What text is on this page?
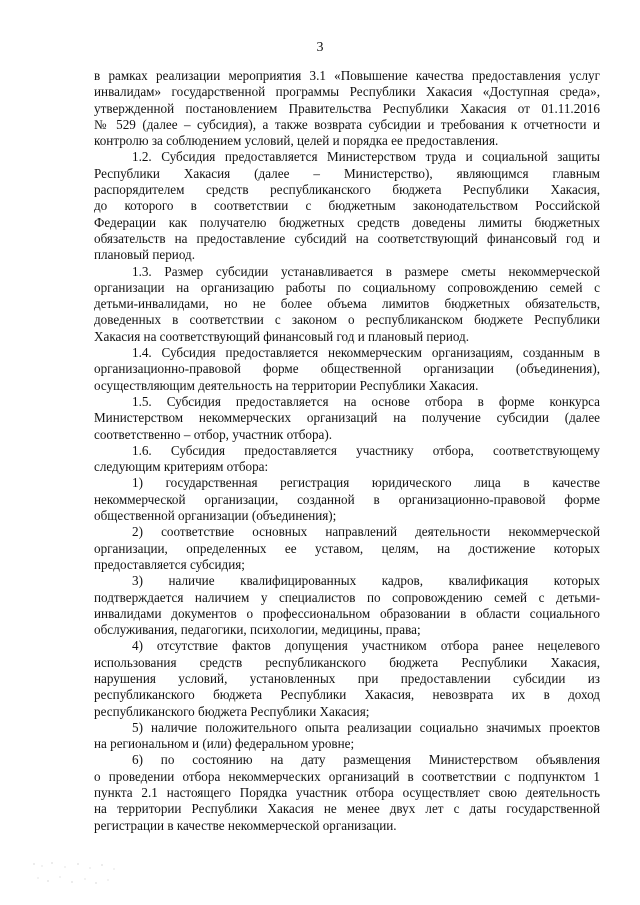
3

в рамках реализации мероприятия 3.1 «Повышение качества предоставления услуг

инвалидам» государственной программы Республики Хакасия «Доступная среда»,

утвержденной постановлением Правительства Республики Хакасия от 01.11.2016

№ 529 (далее – субсидия), а также возврата субсидии и требования к отчетности и

контролю за соблюдением условий, целей и порядка ее предоставления.

1.2. Субсидия предоставляется Министерством труда и социальной защиты

Республики Хакасия (далее – Министерство), являющимся главным

распорядителем средств республиканского бюджета Республики Хакасия,

до которого в соответствии с бюджетным законодательством Российской

Федерации как получателю бюджетных средств доведены лимиты бюджетных

обязательств на предоставление субсидий на соответствующий финансовый год и

плановый период.

1.3. Размер субсидии устанавливается в размере сметы некоммерческой

организации на организацию работы по социальному сопровождению семей с

детьми-инвалидами, но не более объема лимитов бюджетных обязательств,

доведенных в соответствии с законом о республиканском бюджете Республики

Хакасия на соответствующий финансовый год и плановый период.

1.4. Субсидия предоставляется некоммерческим организациям, созданным в

организационно-правовой форме общественной организации (объединения),

осуществляющим деятельность на территории Республики Хакасия.

1.5. Субсидия предоставляется на основе отбора в форме конкурса

Министерством некоммерческих организаций на получение субсидии (далее

соответственно – отбор, участник отбора).

1.6. Субсидия предоставляется участнику отбора, соответствующему

следующим критериям отбора:

1) государственная регистрация юридического лица в качестве

некоммерческой организации, созданной в организационно-правовой форме

общественной организации (объединения);

2) соответствие основных направлений деятельности некоммерческой

организации, определенных ее уставом, целям, на достижение которых

предоставляется субсидия;

3) наличие квалифицированных кадров, квалификация которых

подтверждается наличием у специалистов по сопровождению семей с детьми-

инвалидами документов о профессиональном образовании в области социального

обслуживания, педагогики, психологии, медицины, права;

4) отсутствие фактов допущения участником отбора ранее нецелевого

использования средств республиканского бюджета Республики Хакасия,

нарушения условий, установленных при предоставлении субсидии из

республиканского бюджета Республики Хакасия, невозврата их в доход

республиканского бюджета Республики Хакасия;

5) наличие положительного опыта реализации социально значимых проектов

на региональном и (или) федеральном уровне;

6) по состоянию на дату размещения Министерством объявления

о проведении отбора некоммерческих организаций в соответствии с подпунктом 1

пункта 2.1 настоящего Порядка участник отбора осуществляет свою деятельность

на территории Республики Хакасия не менее двух лет с даты государственной

регистрации в качестве некоммерческой организации.
